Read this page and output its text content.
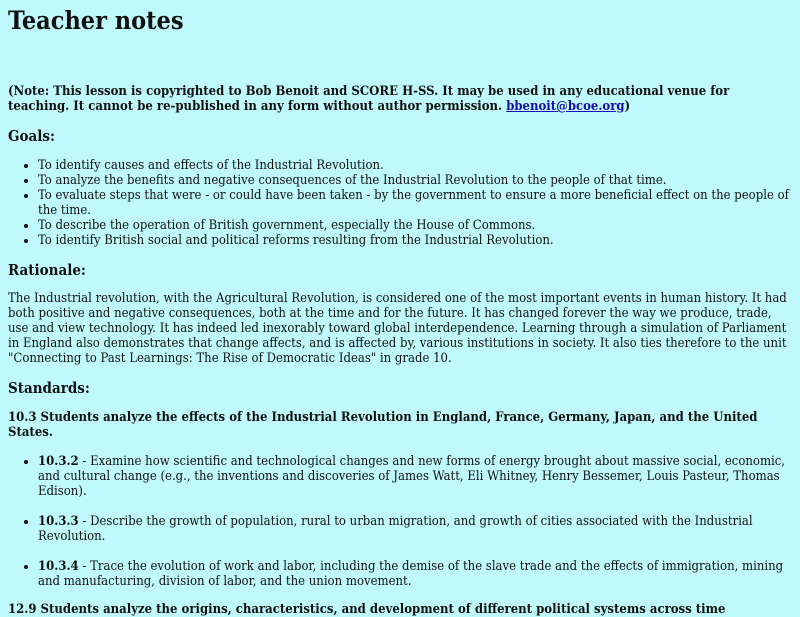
Teacher notes
(Note: This lesson is copyrighted to Bob Benoit and SCORE H-SS. It may be used in any educational venue for teaching. It cannot be re-published in any form without author permission. bbenoit@bcoe.org)
Goals:
• To identify causes and effects of the Industrial Revolution.
• To analyze the benefits and negative consequences of the Industrial Revolution to the people of that time.
• To evaluate steps that were - or could have been taken - by the government to ensure a more beneficial effect on the people of the time.
• To describe the operation of British government, especially the House of Commons.
• To identify British social and political reforms resulting from the Industrial Revolution.
Rationale:

The Industrial revolution, with the Agricultural Revolution, is considered one of the most important events in human history. It had both positive and negative consequences, both at the time and for the future. It has changed forever the way we produce, trade, use and view technology. It has indeed led inexorably toward global interdependence. Learning through a simulation of Parliament in England also demonstrates that change affects, and is affected by, various institutions in society. It also ties therefore to the unit "Connecting to Past Learnings: The Rise of Democratic Ideas" in grade 10.

Standards:
10.3 Students analyze the effects of the Industrial Revolution in England, France, Germany, Japan, and the United States.
• 10.3.2 - Examine how scientific and technological changes and new forms of energy brought about massive social, economic, and cultural change (e.g., the inventions and discoveries of James Watt, Eli Whitney, Henry Bessemer, Louis Pasteur, Thomas Edison).
• 10.3.3 - Describe the growth of population, rural to urban migration, and growth of cities associated with the Industrial Revolution.
• 10.3.4 - Trace the evolution of work and labor, including the demise of the slave trade and the effects of immigration, mining and manufacturing, division of labor, and the union movement.
12.9 Students analyze the origins, characteristics, and development of different political systems across time
